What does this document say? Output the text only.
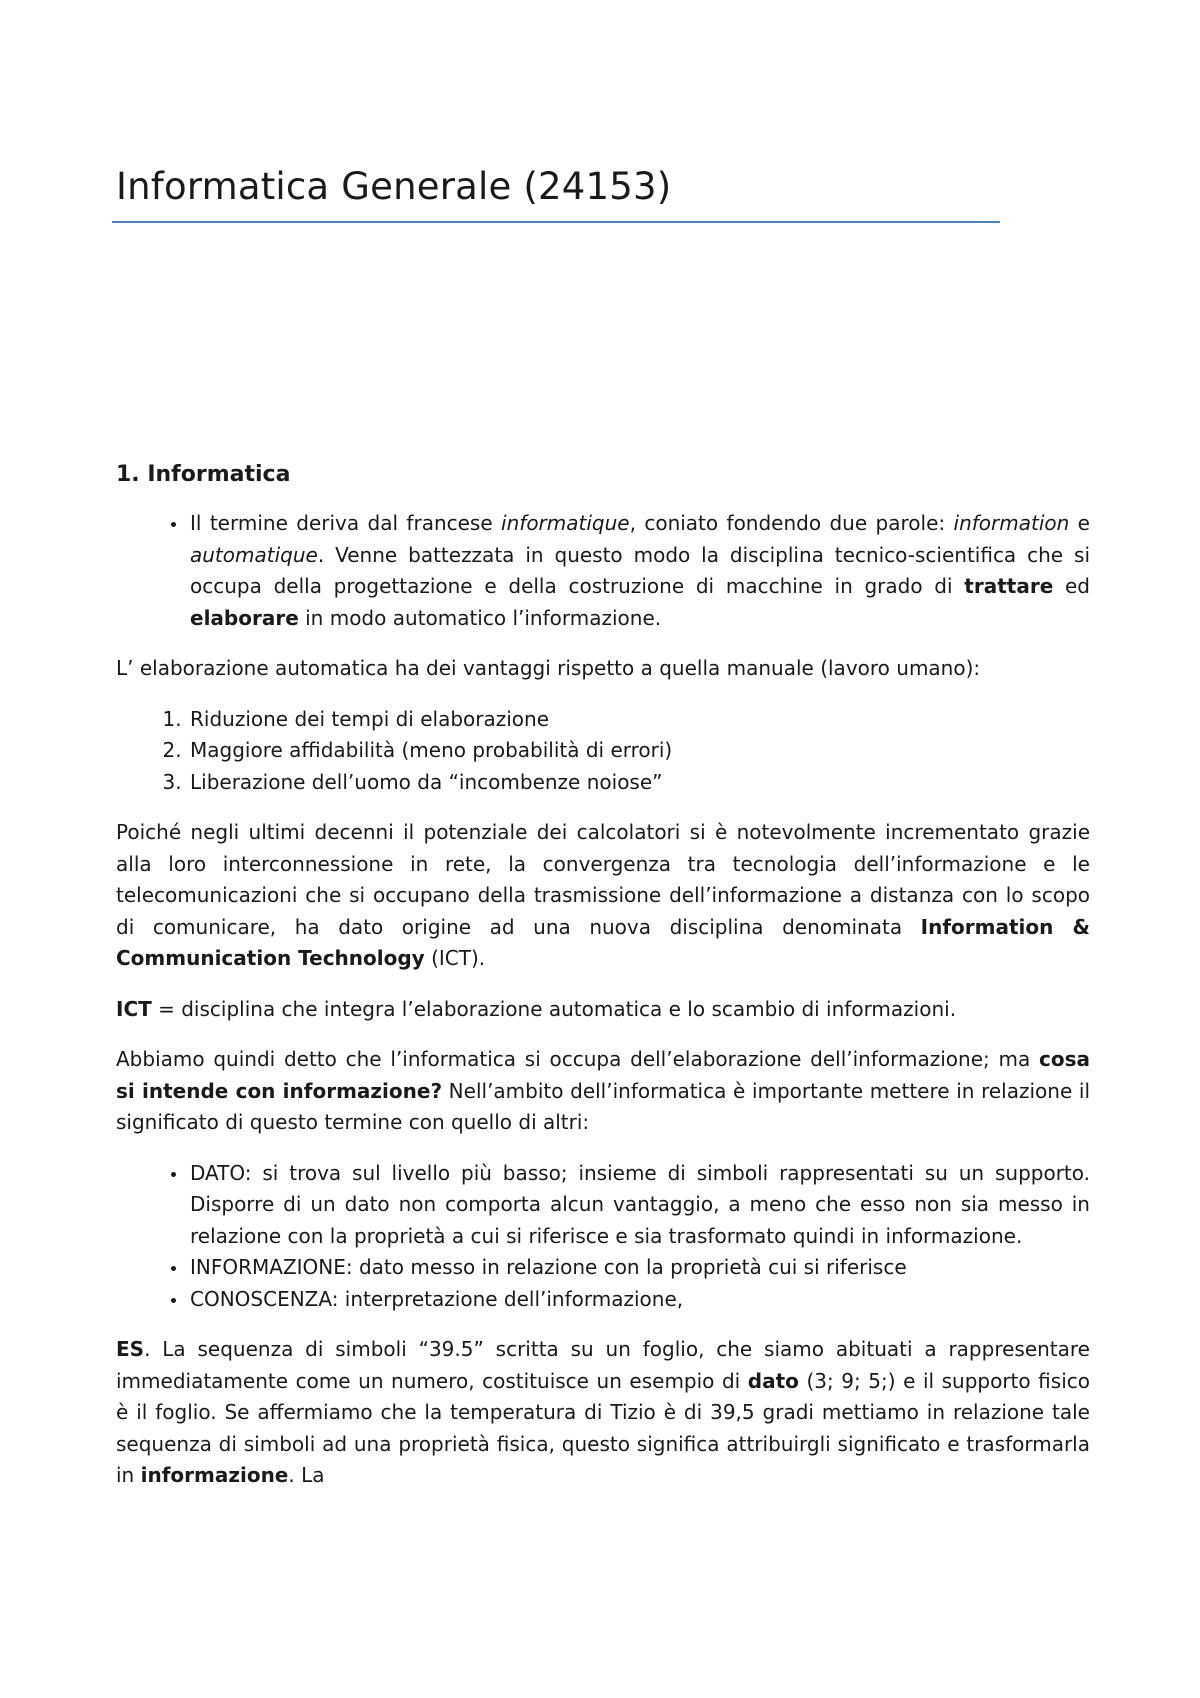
Informatica Generale (24153)
1. Informatica
• Il termine deriva dal francese informatique, coniato fondendo due parole: information e automatique. Venne battezzata in questo modo la disciplina tecnico-scientifica che si occupa della progettazione e della costruzione di macchine in grado di trattare ed elaborare in modo automatico l’informazione.

L’ elaborazione automatica ha dei vantaggi rispetto a quella manuale (lavoro umano):

1. Riduzione dei tempi di elaborazione
2. Maggiore affidabilità (meno probabilità di errori)
3. Liberazione dell’uomo da “incombenze noiose”

Poiché negli ultimi decenni il potenziale dei calcolatori si è notevolmente incrementato grazie alla loro interconnessione in rete, la convergenza tra tecnologia dell’informazione e le telecomunicazioni che si occupano della trasmissione dell’informazione a distanza con lo scopo di comunicare, ha dato origine ad una nuova disciplina denominata Information & Communication Technology (ICT).

ICT = disciplina che integra l’elaborazione automatica e lo scambio di informazioni.

Abbiamo quindi detto che l’informatica si occupa dell’elaborazione dell’informazione; ma cosa si intende con informazione? Nell’ambito dell’informatica è importante mettere in relazione il significato di questo termine con quello di altri:

• DATO: si trova sul livello più basso; insieme di simboli rappresentati su un supporto. Disporre di un dato non comporta alcun vantaggio, a meno che esso non sia messo in relazione con la proprietà a cui si riferisce e sia trasformato quindi in informazione.
• INFORMAZIONE: dato messo in relazione con la proprietà cui si riferisce
• CONOSCENZA: interpretazione dell’informazione,

ES. La sequenza di simboli “39.5” scritta su un foglio, che siamo abituati a rappresentare immediatamente come un numero, costituisce un esempio di dato (3; 9; 5;) e il supporto fisico è il foglio. Se affermiamo che la temperatura di Tizio è di 39,5 gradi mettiamo in relazione tale sequenza di simboli ad una proprietà fisica, questo significa attribuirgli significato e trasformarla in informazione. La
